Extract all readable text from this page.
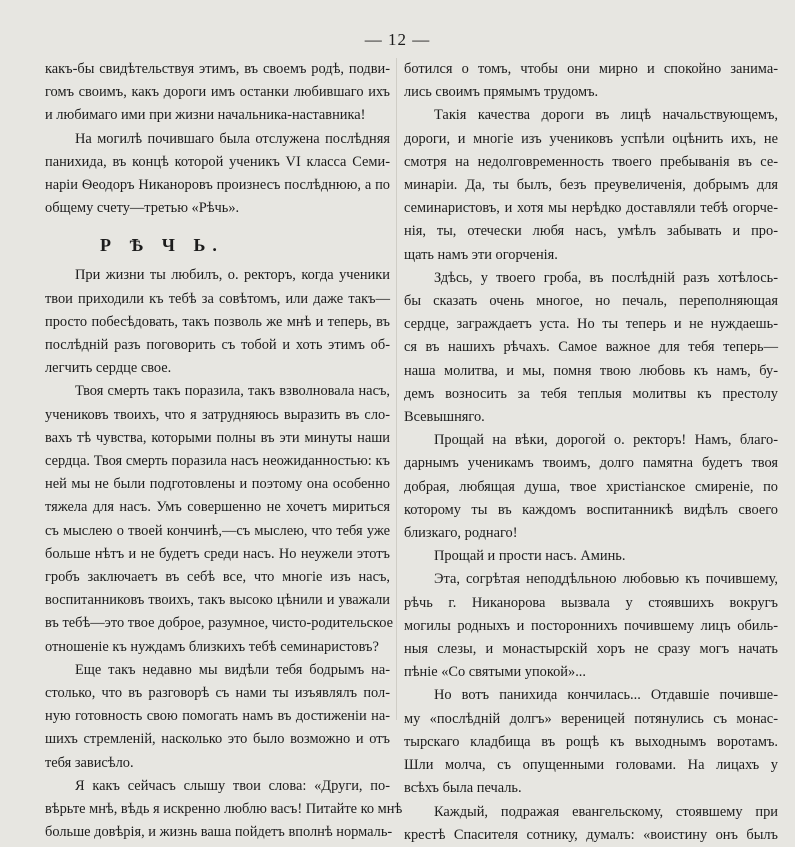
— 12 —
какъ-бы свидѣтельствуя этимъ, въ своемъ родѣ, подви-
гомъ своимъ, какъ дороги имъ останки любившаго ихъ
и любимаго ими при жизни начальника-наставника!
На могилѣ почившаго была отслужена послѣдняя
панихида, въ концѣ которой ученикъ VI класса Семи-
нарiи Ѳеодоръ Никаноровъ произнесъ послѣднюю, а по
общему счету—третью «Рѣчь».
Р Ѣ Ч Ь.
При жизни ты любилъ, о. ректоръ, когда ученики
твои приходили къ тебѣ за совѣтомъ, или даже такъ—
просто побесѣдовать, такъ позволь же мнѣ и теперь, въ
послѣднiй разъ поговорить съ тобой и хоть этимъ об-
легчить сердце свое.
Твоя смерть такъ поразила, такъ взволновала насъ,
учениковъ твоихъ, что я затрудняюсь выразить въ сло-
вахъ тѣ чувства, которыми полны въ эти минуты наши
сердца. Твоя смерть поразила насъ неожиданностью: къ
ней мы не были подготовлены и поэтому она особенно
тяжела для насъ. Умъ совершенно не хочетъ мириться
съ мыслею о твоей кончинѣ,—съ мыслею, что тебя уже
больше нѣтъ и не будетъ среди насъ. Но неужели этотъ
гробъ заключаетъ въ себѣ все, что многiе изъ насъ,
воспитанниковъ твоихъ, такъ высоко цѣнили и уважали
въ тебѣ—это твое доброе, разумное, чисто-родительское
отношенiе къ нуждамъ близкихъ тебѣ семинаристовъ?
Еще такъ недавно мы видѣли тебя бодрымъ на-
столько, что въ разговорѣ съ нами ты изъявлялъ пол-
ную готовность свою помогать намъ въ достиженiи на-
шихъ стремленiй, насколько это было возможно и отъ
тебя зависѣло.
Я какъ сейчасъ слышу твои слова: «Други, по-
вѣрьте мнѣ, вѣдь я искренно люблю васъ! Питайте ко мнѣ
больше довѣрiя, и жизнь ваша пойдетъ вполнѣ нормаль-
ботился о томъ, чтобы они мирно и спокойно занима-
лись своимъ прямымъ трудомъ.
Такiя качества дороги въ лицѣ начальствующемъ,
дороги, и многiе изъ учениковъ успѣли оцѣнить ихъ, не
смотря на недолговременность твоего пребыванiя въ се-
минарiи. Да, ты былъ, безъ преувеличенiя, добрымъ для
семинаристовъ, и хотя мы нерѣдко доставляли тебѣ огорче-
нiя, ты, отечески любя насъ, умѣлъ забывать и про-
щать намъ эти огорченiя.
Здѣсь, у твоего гроба, въ послѣднiй разъ хотѣлось-
бы сказать очень многое, но печаль, переполняющая
сердце, заграждаетъ уста. Но ты теперь и не нуждаешь-
ся въ нашихъ рѣчахъ. Самое важное для тебя теперь—
наша молитва, и мы, помня твою любовь къ намъ, бу-
демъ возносить за тебя теплыя молитвы къ престолу
Всевышняго.
Прощай на вѣки, дорогой о. ректоръ! Намъ, благо-
дарнымъ ученикамъ твоимъ, долго памятна будетъ твоя
добрая, любящая душа, твое христiанское смиренiе, по
которому ты въ каждомъ воспитанникѣ видѣлъ своего
близкаго, роднаго!
Прощай и прости насъ. Аминь.
Эта, согрѣтая неподдѣльною любовью къ почившему,
рѣчь г. Никанорова вызвала у стоявшихъ вокругъ
могилы родныхъ и постороннихъ почившему лицъ обиль-
ныя слезы, и монастырскiй хоръ не сразу могъ начать
пѣнiе «Со святыми упокой»...
Но вотъ панихида кончилась... Отдавшiе почивше-
му «послѣднiй долгъ» вереницей потянулись съ монас-
тырскаго кладбища въ рощѣ къ выходнымъ воротамъ.
Шли молча, съ опущенными головами. На лицахъ у
всѣхъ была печаль.
Каждый, подражая евангельскому, стоявшему при
крестѣ Спасителя сотнику, думалъ: «воистину онъ былъ
